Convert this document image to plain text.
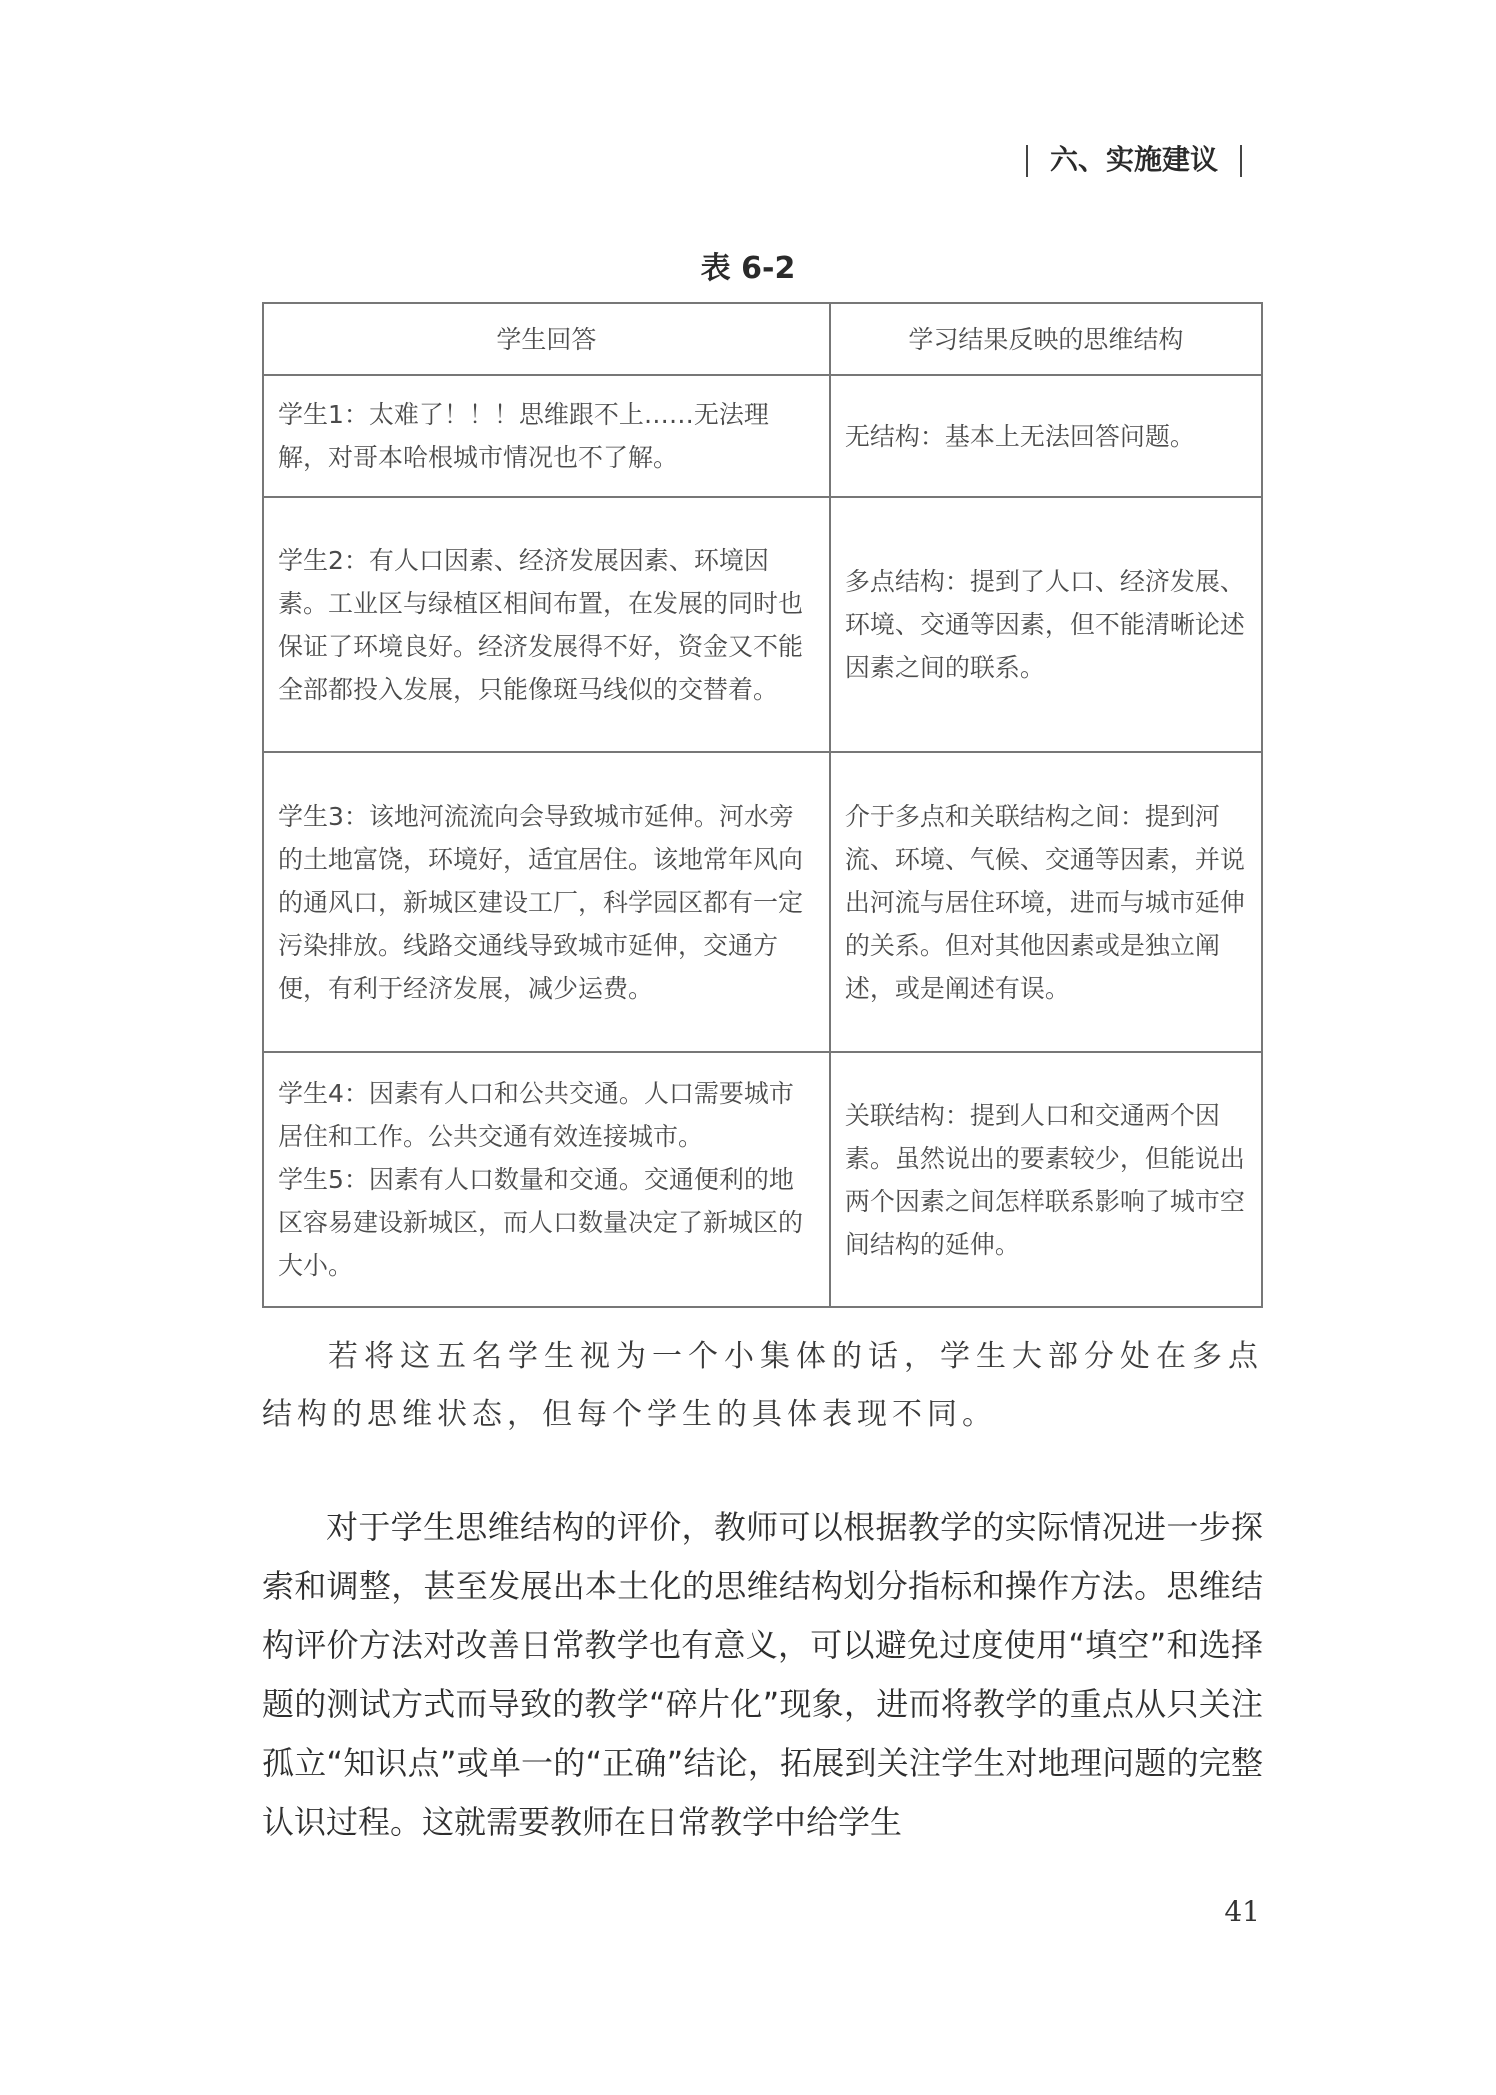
六、实施建议
表 6-2
学生回答	学习结果反映的思维结构
学生1：太难了！！！思维跟不上……无法理解，对哥本哈根城市情况也不了解。	无结构：基本上无法回答问题。
学生2：有人口因素、经济发展因素、环境因素。工业区与绿植区相间布置，在发展的同时也保证了环境良好。经济发展得不好，资金又不能全部都投入发展，只能像斑马线似的交替着。	多点结构：提到了人口、经济发展、环境、交通等因素，但不能清晰论述因素之间的联系。
学生3：该地河流流向会导致城市延伸。河水旁的土地富饶，环境好，适宜居住。该地常年风向的通风口，新城区建设工厂，科学园区都有一定污染排放。线路交通线导致城市延伸，交通方便，有利于经济发展，减少运费。	介于多点和关联结构之间：提到河流、环境、气候、交通等因素，并说出河流与居住环境，进而与城市延伸的关系。但对其他因素或是独立阐述，或是阐述有误。

学生4：因素有人口和公共交通。人口需要城市居住和工作。公共交通有效连接城市。
学生5：因素有人口数量和交通。交通便利的地区容易建设新城区，而人口数量决定了新城区的大小。	关联结构：提到人口和交通两个因素。虽然说出的要素较少，但能说出两个因素之间怎样联系影响了城市空间结构的延伸。
若将这五名学生视为一个小集体的话，学生大部分处在多点结构的思维状态，但每个学生的具体表现不同。
对于学生思维结构的评价，教师可以根据教学的实际情况进一步探索和调整，甚至发展出本土化的思维结构划分指标和操作方法。思维结构评价方法对改善日常教学也有意义，可以避免过度使用“填空”和选择题的测试方式而导致的教学“碎片化”现象，进而将教学的重点从只关注孤立“知识点”或单一的“正确”结论，拓展到关注学生对地理问题的完整认识过程。这就需要教师在日常教学中给学生
41
